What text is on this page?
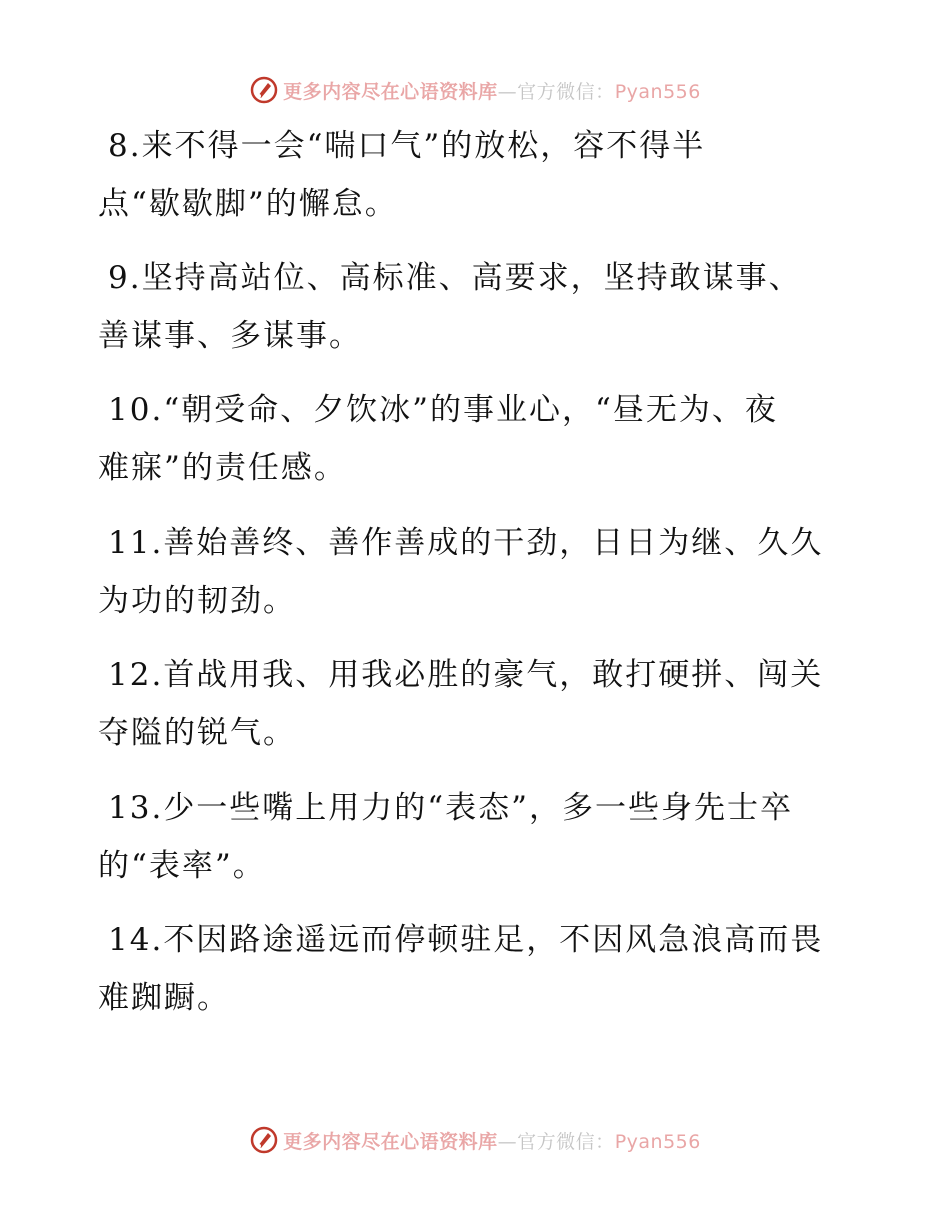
更多内容尽在心语资料库—官方微信：Pyan556
8.来不得一会“喘口气”的放松，容不得半
点“歇歇脚”的懈怠。
9.坚持高站位、高标准、高要求，坚持敢谋事、
善谋事、多谋事。
10.“朝受命、夕饮冰”的事业心，“昼无为、夜
难寐”的责任感。
11.善始善终、善作善成的干劲，日日为继、久久
为功的韧劲。
12.首战用我、用我必胜的豪气，敢打硬拼、闯关
夺隘的锐气。
13.少一些嘴上用力的“表态”，多一些身先士卒
的“表率”。
14.不因路途遥远而停顿驻足，不因风急浪高而畏
难踟蹰。
更多内容尽在心语资料库—官方微信：Pyan556
